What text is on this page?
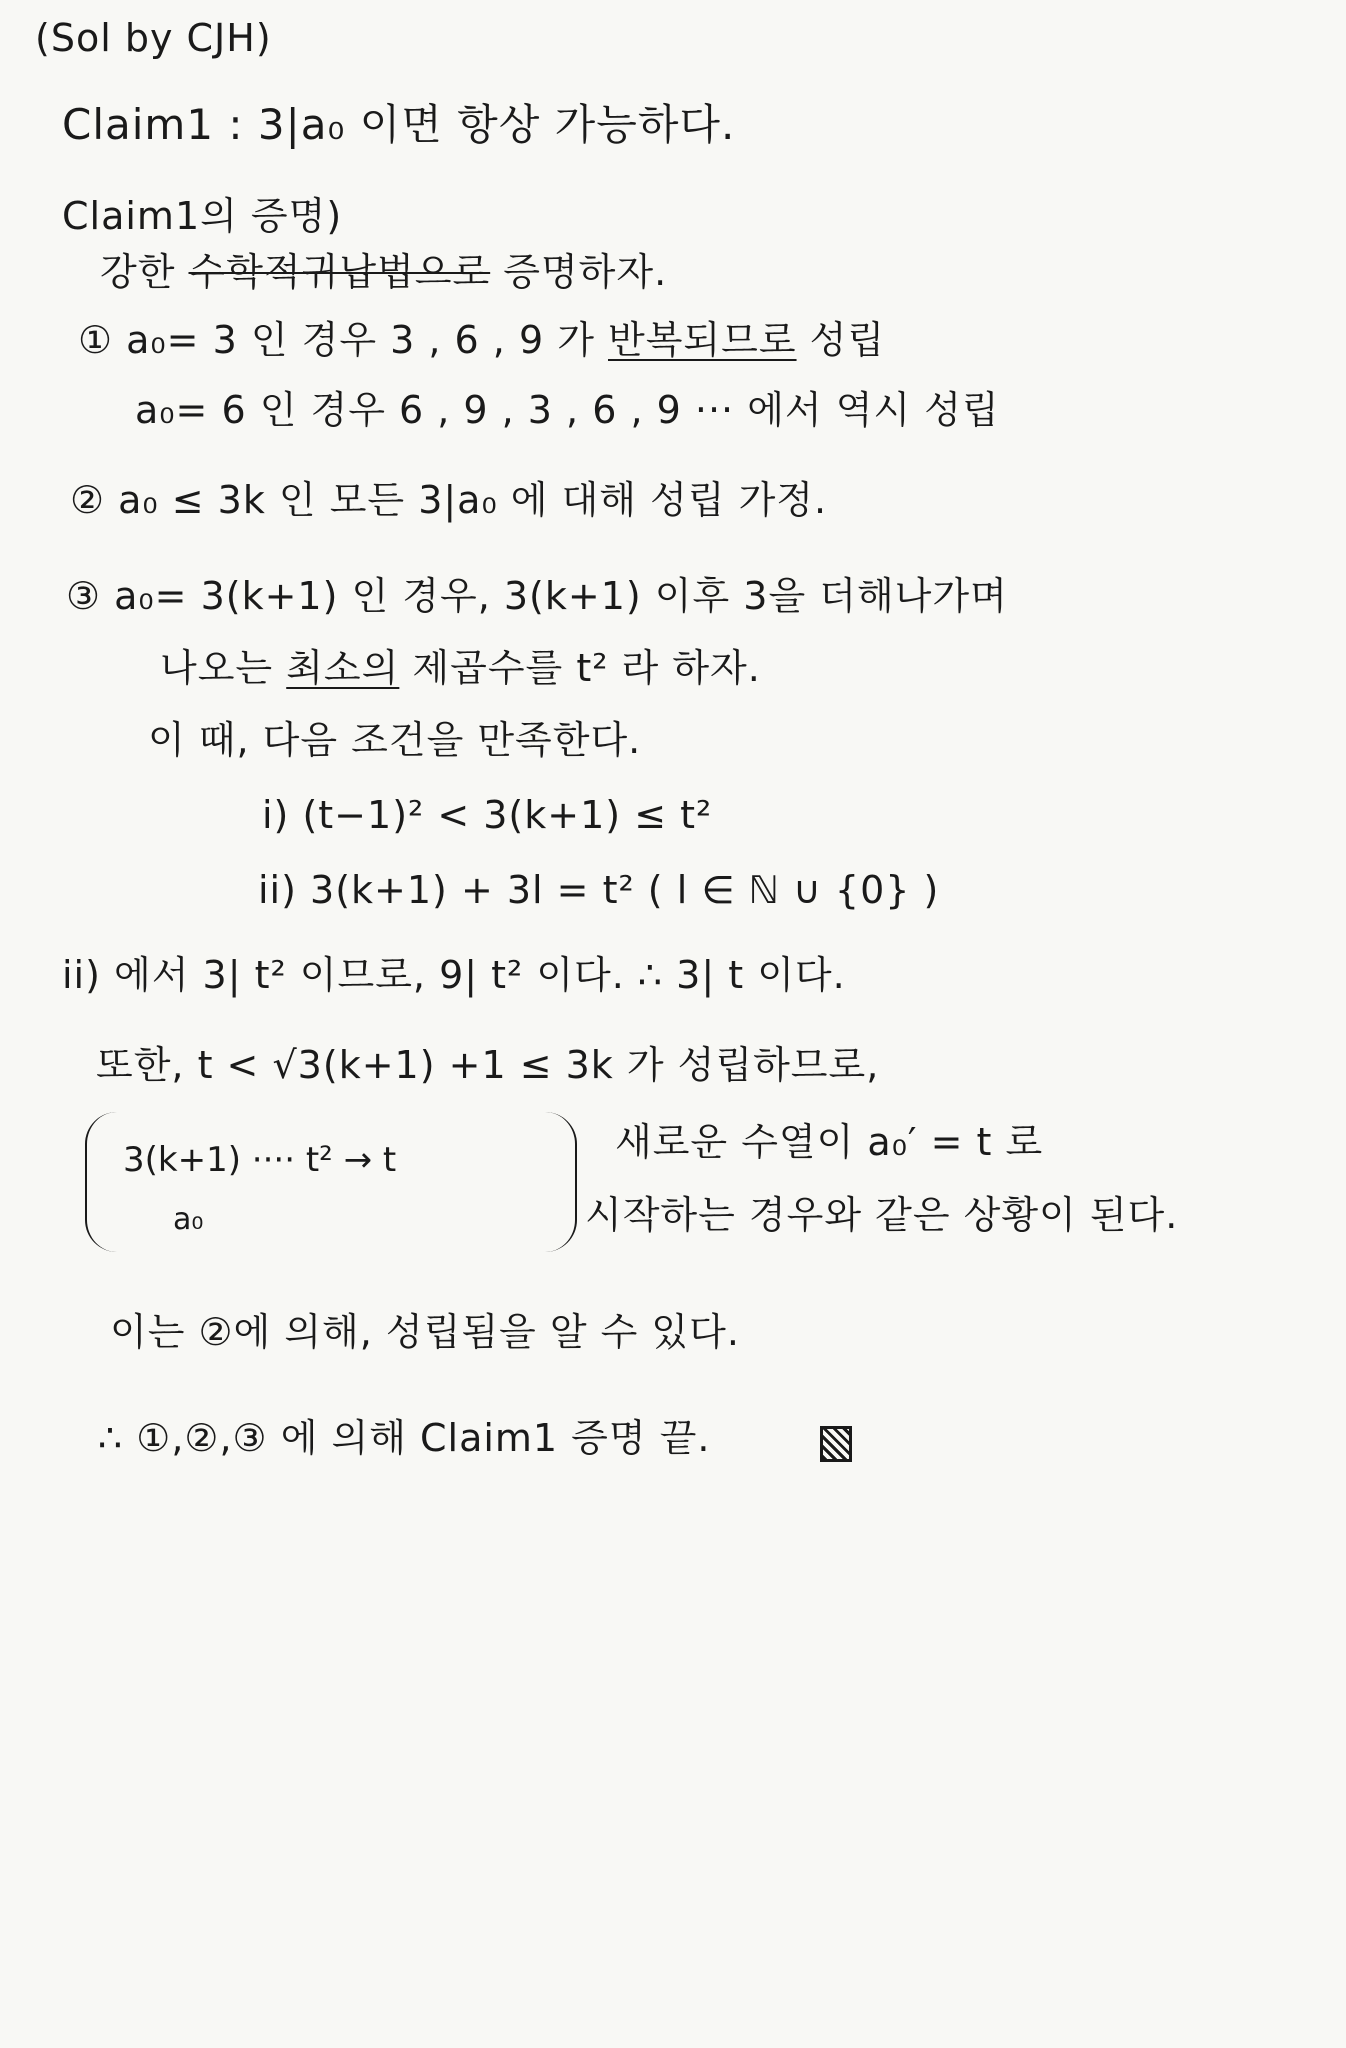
(Sol by CJH)
Claim1 : 3|a₀ 이면 항상 가능하다.
Claim1의 증명)
강한 수학적귀납법으로 증명하자.
① a₀= 3 인 경우 3 , 6 , 9 가 반복되므로 성립
a₀= 6 인 경우 6 , 9 , 3 , 6 , 9 ··· 에서 역시 성립
② a₀ ≤ 3k 인 모든 3|a₀ 에 대해 성립 가정.
③ a₀= 3(k+1) 인 경우, 3(k+1) 이후 3을 더해나가며
나오는 최소의 제곱수를 t² 라 하자.
이 때, 다음 조건을 만족한다.
i) (t−1)² < 3(k+1) ≤ t²
ii) 3(k+1) + 3l = t² ( l ∈ ℕ ∪ {0} )
ii) 에서 3| t² 이므로, 9| t² 이다. ∴ 3| t 이다.
또한, t < √3(k+1) +1 ≤ 3k 가 성립하므로,
3(k+1) ···· t² → t
a₀
새로운 수열이 a₀′ = t 로
시작하는 경우와 같은 상황이 된다.
이는 ②에 의해, 성립됨을 알 수 있다.
∴ ①,②,③ 에 의해 Claim1 증명 끝.
